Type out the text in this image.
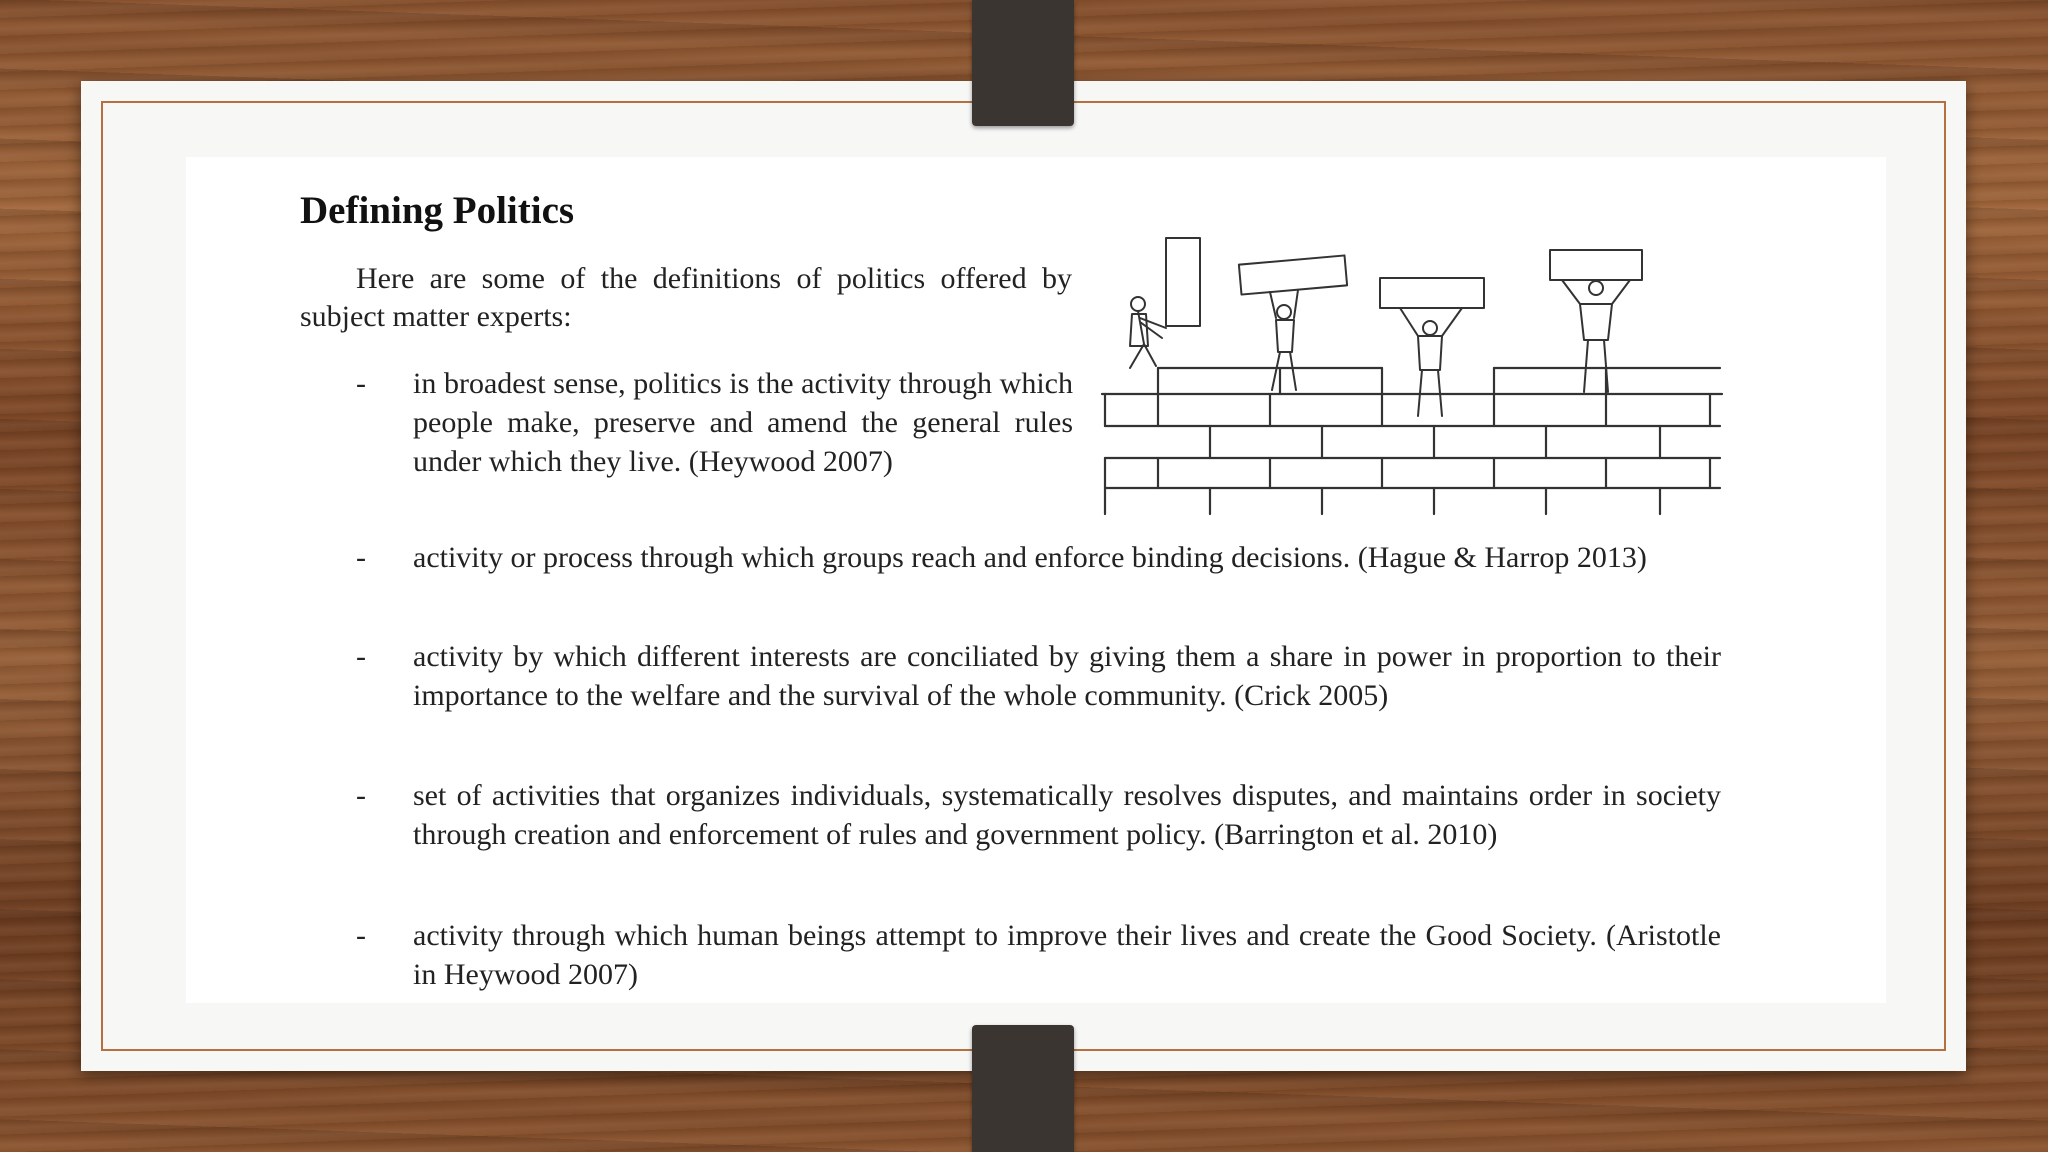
Defining Politics

Here are some of the definitions of politics offered by subject matter experts:

-	in broadest sense, politics is the activity through which people make, preserve and amend the general rules under which they live. (Heywood 2007)
-	activity or process through which groups reach and enforce binding decisions. (Hague & Harrop 2013)
-	activity by which different interests are conciliated by giving them a share in power in proportion to their importance to the welfare and the survival of the whole community. (Crick 2005)
-	set of activities that organizes individuals, systematically resolves disputes, and maintains order in society through creation and enforcement of rules and government policy. (Barrington et al. 2010)
-	activity through which human beings attempt to improve their lives and create the Good Society. (Aristotle in Heywood 2007)
